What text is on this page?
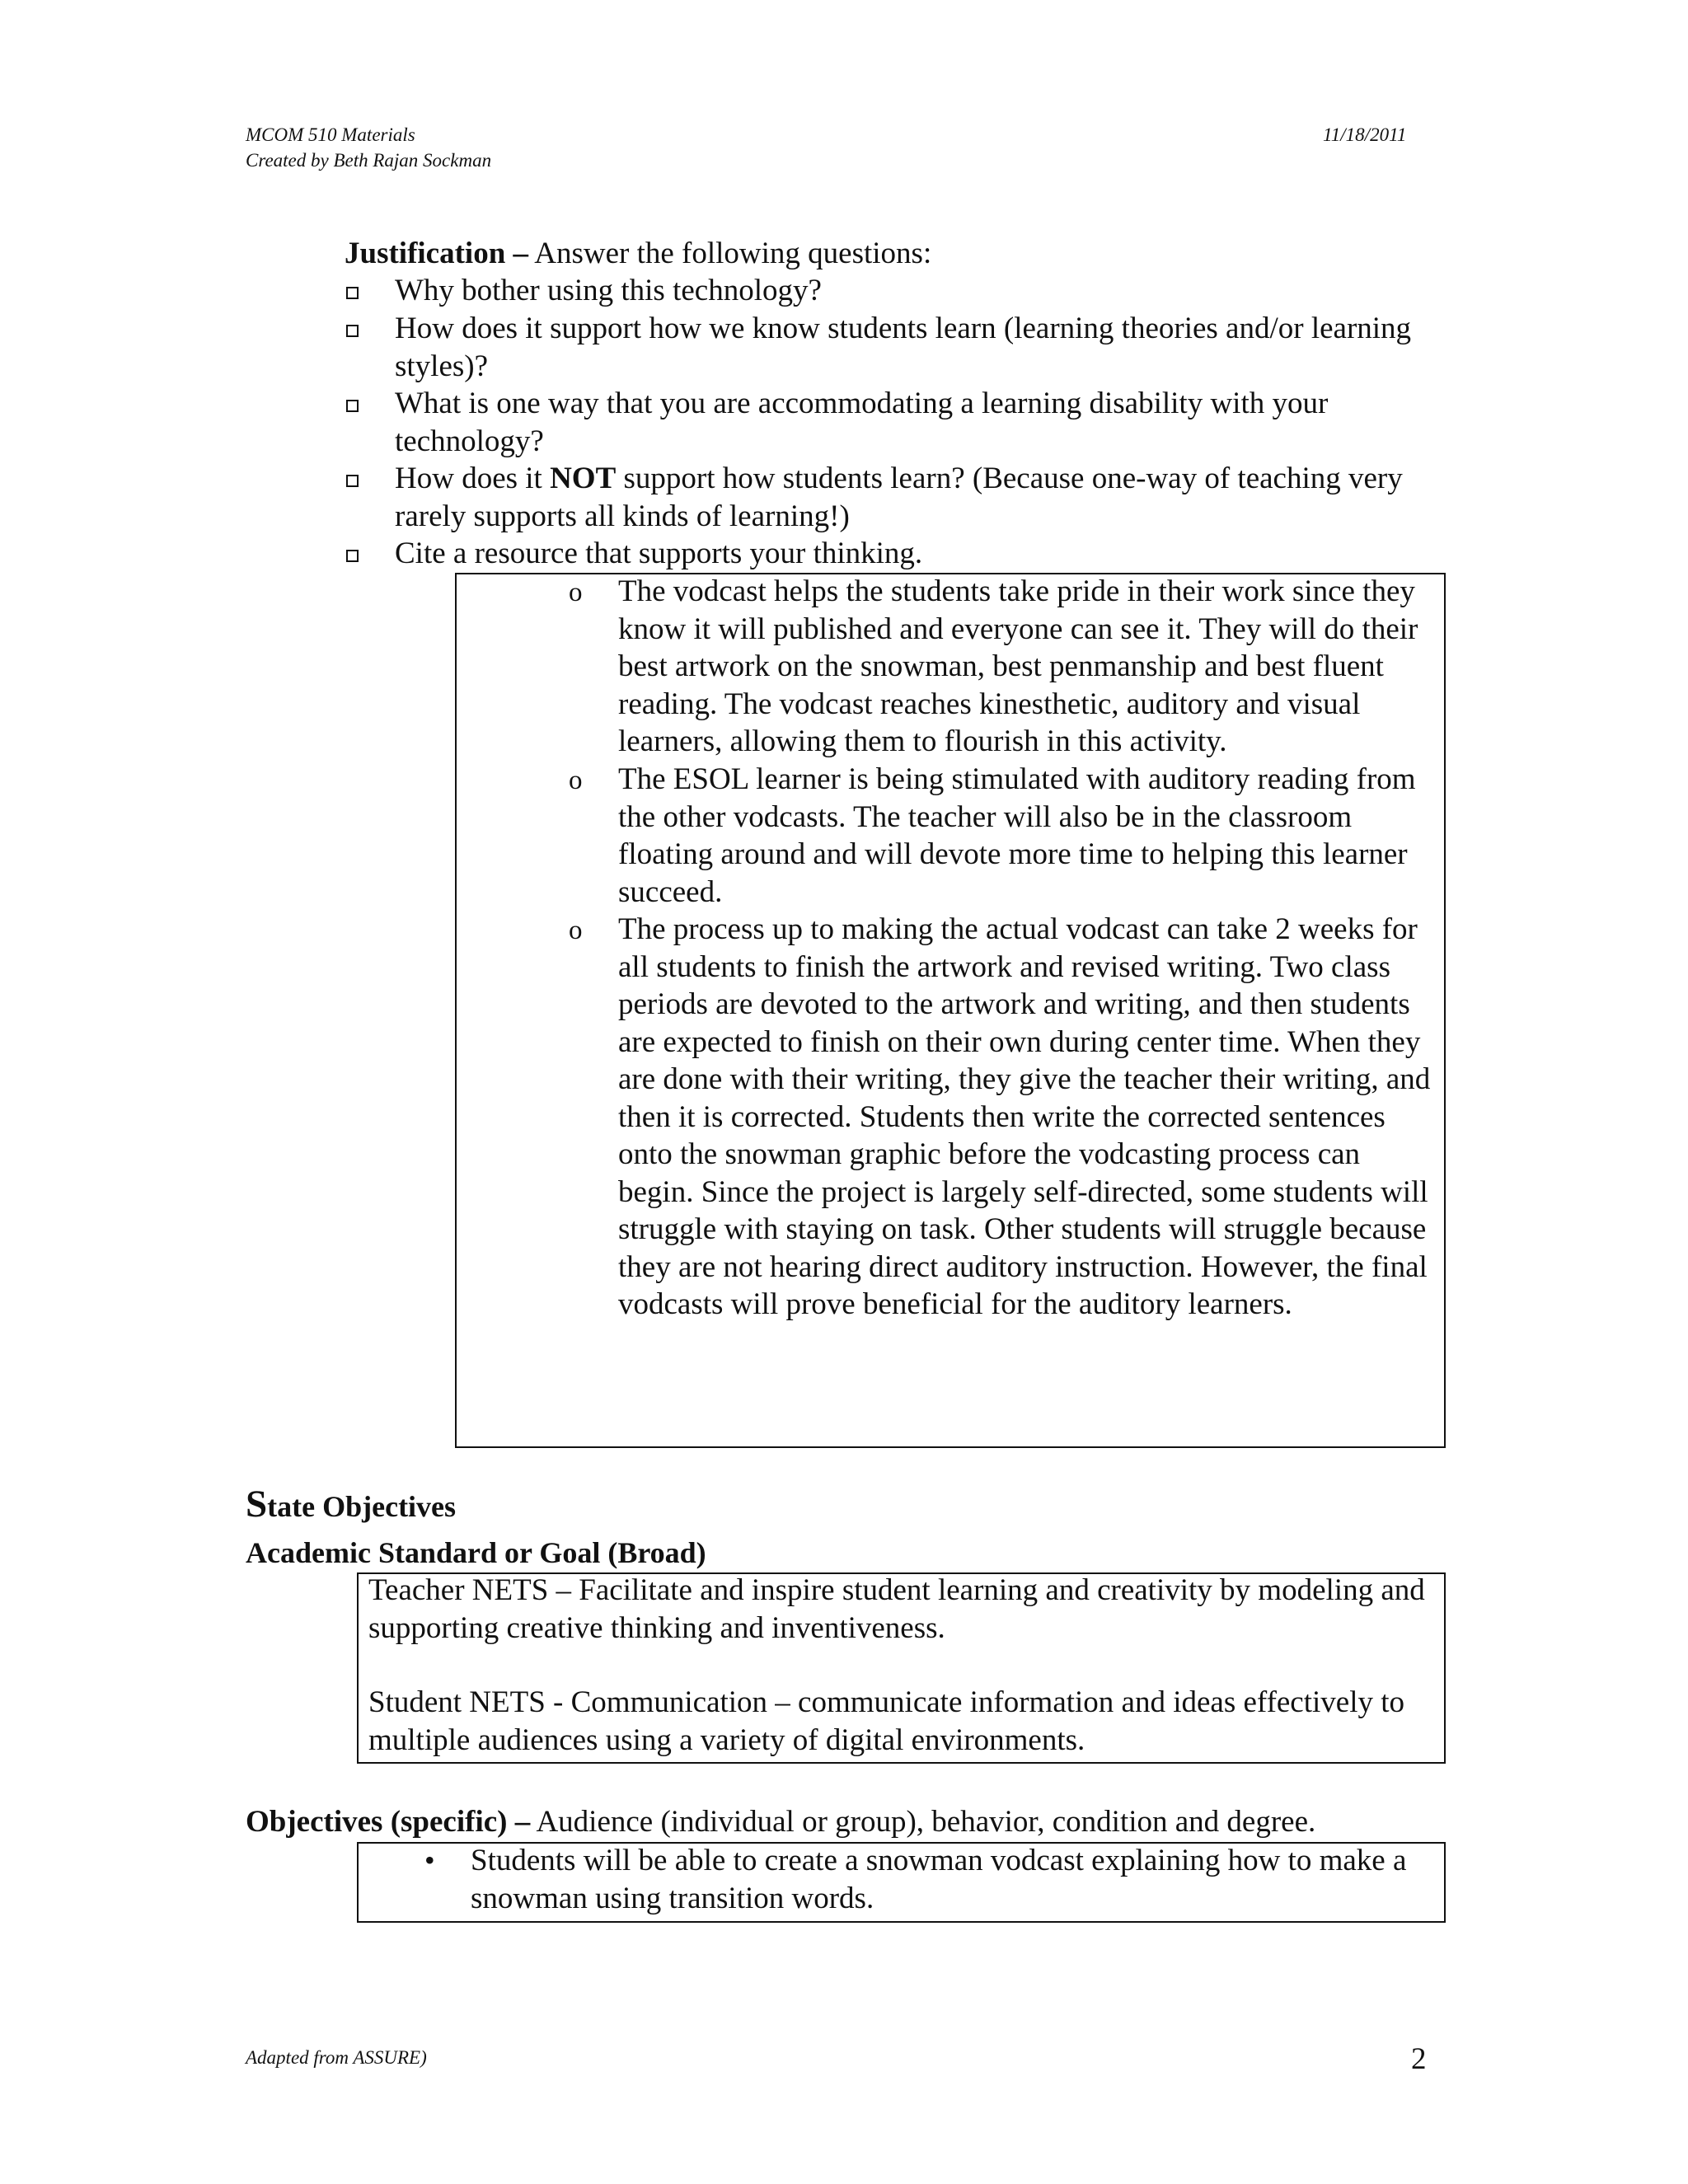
MCOM 510 Materials
Created by Beth Rajan Sockman
11/18/2011
Justification – Answer the following questions:
Why bother using this technology?
How does it support how we know students learn (learning theories and/or learning styles)?
What is one way that you are accommodating a learning disability with your technology?
How does it NOT support how students learn? (Because one-way of teaching very rarely supports all kinds of learning!)
Cite a resource that supports your thinking.
o The vodcast helps the students take pride in their work since they know it will published and everyone can see it. They will do their best artwork on the snowman, best penmanship and best fluent reading. The vodcast reaches kinesthetic, auditory and visual learners, allowing them to flourish in this activity.
o The ESOL learner is being stimulated with auditory reading from the other vodcasts. The teacher will also be in the classroom floating around and will devote more time to helping this learner succeed.
o The process up to making the actual vodcast can take 2 weeks for all students to finish the artwork and revised writing. Two class periods are devoted to the artwork and writing, and then students are expected to finish on their own during center time. When they are done with their writing, they give the teacher their writing, and then it is corrected. Students then write the corrected sentences onto the snowman graphic before the vodcasting process can begin. Since the project is largely self-directed, some students will struggle with staying on task. Other students will struggle because they are not hearing direct auditory instruction. However, the final vodcasts will prove beneficial for the auditory learners.
State Objectives
Academic Standard or Goal (Broad)
Teacher NETS – Facilitate and inspire student learning and creativity by modeling and supporting creative thinking and inventiveness.
Student NETS - Communication – communicate information and ideas effectively to multiple audiences using a variety of digital environments.
Objectives (specific) – Audience (individual or group), behavior, condition and degree.
• Students will be able to create a snowman vodcast explaining how to make a snowman using transition words.
Adapted from ASSURE)	2
